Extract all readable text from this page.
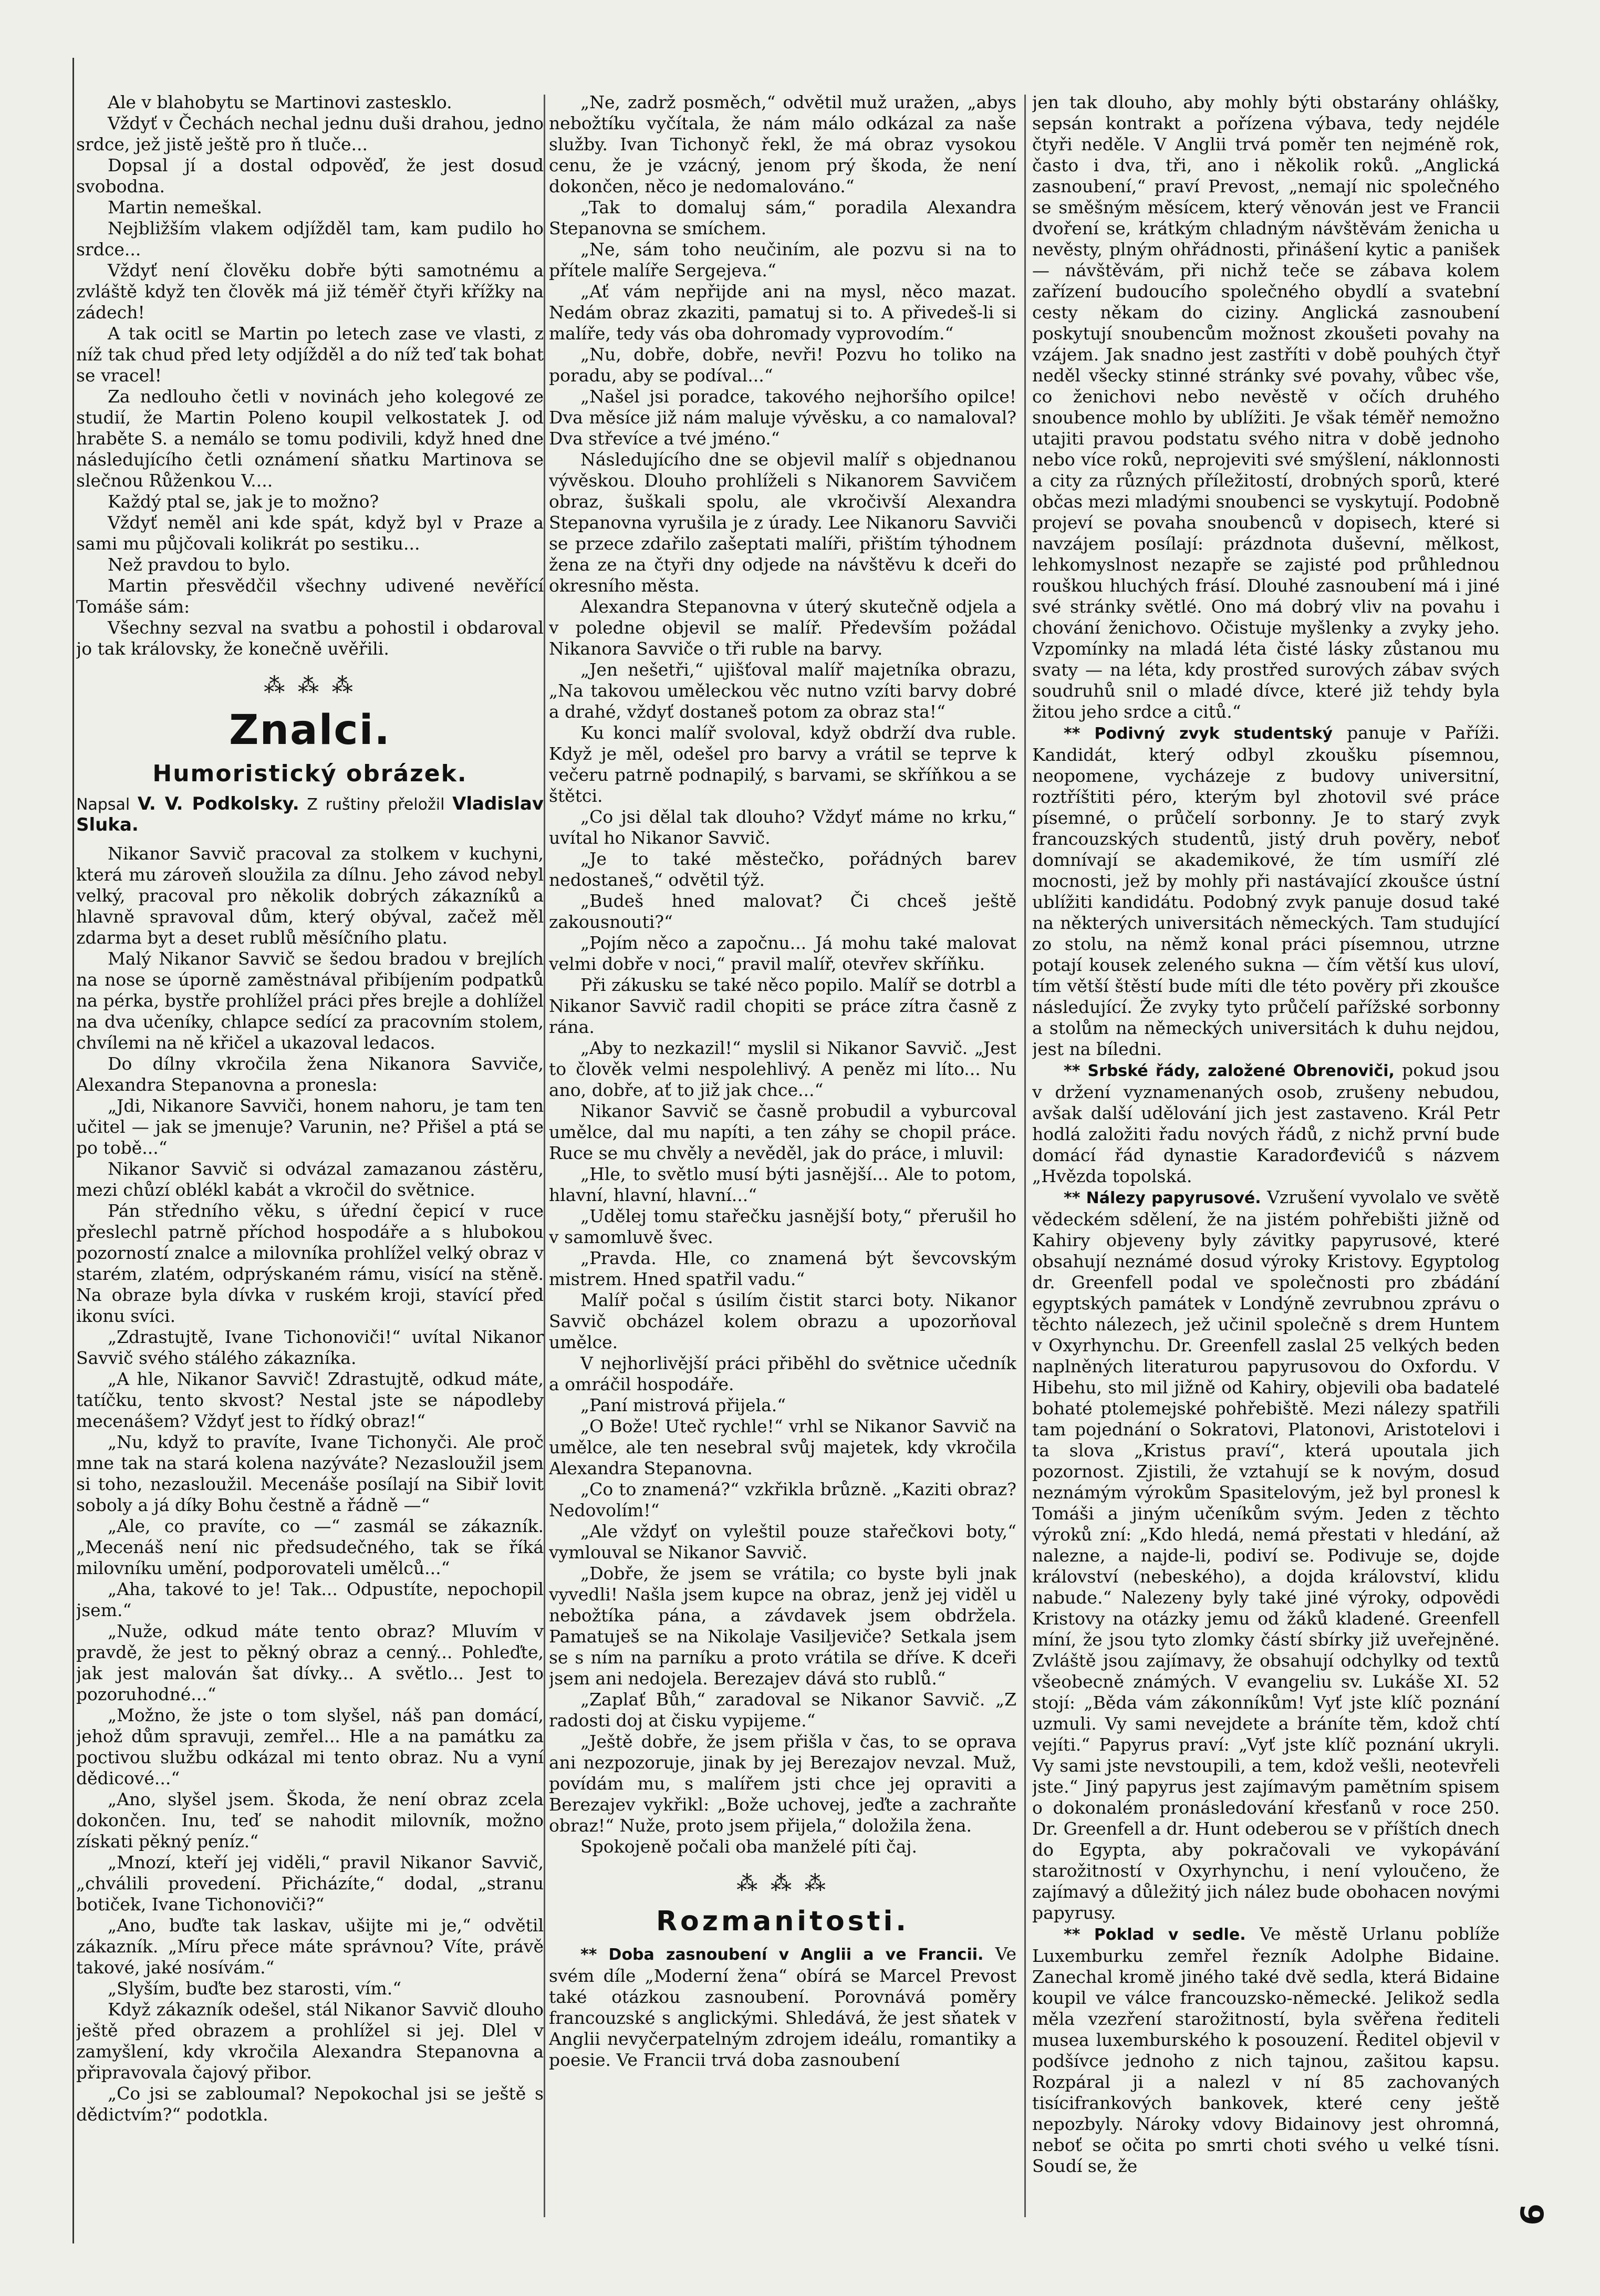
Ale v blahobytu se Martinovi zastesklo.

Vždyť v Čechách nechal jednu duši drahou, jedno srdce, jež jistě ještě pro ň tluče...

Dopsal jí a dostal odpověď, že jest dosud svobodna.

Martin nemeškal.

Nejbližším vlakem odjížděl tam, kam pudilo ho srdce...

Vždyť není člověku dobře býti samotnému a zvláště když ten člověk má již téměř čtyři křížky na zádech!

A tak ocitl se Martin po letech zase ve vlasti, z níž tak chud před lety odjížděl a do níž teď tak bohat se vracel!

Za nedlouho četli v novinách jeho kolegové ze studií, že Martin Poleno koupil velkostatek J. od hraběte S. a nemálo se tomu podivili, když hned dne následujícího četli oznámení sňatku Martinova se slečnou Růženkou V....

Každý ptal se, jak je to možno?

Vždyť neměl ani kde spát, když byl v Praze a sami mu půjčovali kolikrát po sestiku...

Než pravdou to bylo.

Martin přesvědčil všechny udivené nevěřící Tomáše sám:

Všechny sezval na svatbu a pohostil i obdaroval jo tak královsky, že konečně uvěřili.

⁂ ⁂ ⁂
Znalci.
Humoristický obrázek.
Napsal V. V. Podkolsky. Z ruštiny přeložil Vladislav Sluka.

Nikanor Savvič pracoval za stolkem v kuchyni, která mu zároveň sloužila za dílnu. Jeho závod nebyl velký, pracoval pro několik dobrých zákazníků a hlavně spravoval dům, který obýval, začež měl zdarma byt a deset rublů měsíčního platu.

Malý Nikanor Savvič se šedou bradou v brejlích na nose se úporně zaměstnával přibíjením podpatků na pérka, bystře prohlížel práci přes brejle a dohlížel na dva učeníky, chlapce sedící za pracovním stolem, chvílemi na ně křičel a ukazoval ledacos.

Do dílny vkročila žena Nikanora Savviče, Alexandra Stepanovna a pronesla:

„Jdi, Nikanore Savviči, honem nahoru, je tam ten učitel — jak se jmenuje? Varunin, ne? Přišel a ptá se po tobě...“

Nikanor Savvič si odvázal zamazanou zástěru, mezi chůzí oblékl kabát a vkročil do světnice.

Pán středního věku, s úřední čepicí v ruce přeslechl patrně příchod hospodáře a s hlubokou pozorností znalce a milovníka prohlížel velký obraz v starém, zlatém, odprýskaném rámu, visící na stěně. Na obraze byla dívka v ruském kroji, stavící před ikonu svíci.

„Zdrastujtě, Ivane Tichonoviči!“ uvítal Nikanor Savvič svého stálého zákazníka.

„A hle, Nikanor Savvič! Zdrastujtě, odkud máte, tatíčku, tento skvost? Nestal jste se nápodleby mecenášem? Vždyť jest to řídký obraz!“

„Nu, když to pravíte, Ivane Tichonyči. Ale proč mne tak na stará kolena nazýváte? Nezasloužil jsem si toho, nezasloužil. Mecenáše posílají na Sibiř lovit soboly a já díky Bohu čestně a řádně —“

„Ale, co pravíte, co —“ zasmál se zákazník. „Mecenáš není nic předsudečného, tak se říká milovníku umění, podporovateli umělců...“

„Aha, takové to je! Tak... Odpustíte, nepochopil jsem.“

„Nuže, odkud máte tento obraz? Mluvím v pravdě, že jest to pěkný obraz a cenný... Pohleďte, jak jest malován šat dívky... A světlo... Jest to pozoruhodné...“

„Možno, že jste o tom slyšel, náš pan domácí, jehož dům spravuji, zemřel... Hle a na památku za poctivou službu odkázal mi tento obraz. Nu a vyní dědicové...“

„Ano, slyšel jsem. Škoda, že není obraz zcela dokončen. Inu, teď se nahodit milovník, možno získati pěkný peníz.“

„Mnozí, kteří jej viděli,“ pravil Nikanor Savvič, „chválili provedení. Přicházíte,“ dodal, „stranu botiček, Ivane Tichonoviči?“

„Ano, buďte tak laskav, ušijte mi je,“ odvětil zákazník. „Míru přece máte správnou? Víte, právě takové, jaké nosívám.“

„Slyším, buďte bez starosti, vím.“

Když zákazník odešel, stál Nikanor Savvič dlouho ještě před obrazem a prohlížel si jej. Dlel v zamyšlení, kdy vkročila Alexandra Stepanovna a připravovala čajový přibor.

„Co jsi se zabloumal? Nepokochal jsi se ještě s dědictvím?“ podotkla.

„Ne, zadrž posměch,“ odvětil muž uražen, „abys nebožtíku vyčítala, že nám málo odkázal za naše služby. Ivan Tichonyč řekl, že má obraz vysokou cenu, že je vzácný, jenom prý škoda, že není dokončen, něco je nedomalováno.“

„Tak to domaluj sám,“ poradila Alexandra Stepanovna se smíchem.

„Ne, sám toho neučiním, ale pozvu si na to přítele malíře Sergejeva.“

„Ať vám nepřijde ani na mysl, něco mazat. Nedám obraz zkaziti, pamatuj si to. A přivedeš-li si malíře, tedy vás oba dohromady vyprovodím.“

„Nu, dobře, dobře, nevři! Pozvu ho toliko na poradu, aby se podíval...“

„Našel jsi poradce, takového nejhoršího opilce! Dva měsíce již nám maluje vývěsku, a co namaloval? Dva střevíce a tvé jméno.“

Následujícího dne se objevil malíř s objednanou vývěskou. Dlouho prohlíželi s Nikanorem Savvičem obraz, šuškali spolu, ale vkročivší Alexandra Stepanovna vyrušila je z úrady. Lee Nikanoru Savviči se przece zdařilo zašeptati malíři, přištím týhodnem žena ze na čtyři dny odjede na návštěvu k dceři do okresního města.

Alexandra Stepanovna v úterý skutečně odjela a v poledne objevil se malíř. Především požádal Nikanora Savviče o tři ruble na barvy.

„Jen nešetři,“ ujišťoval malíř majetníka obrazu, „Na takovou uměleckou věc nutno vzíti barvy dobré a drahé, vždyť dostaneš potom za obraz sta!“

Ku konci malíř svoloval, když obdrží dva ruble. Když je měl, odešel pro barvy a vrátil se teprve k večeru patrně podnapilý, s barvami, se skříňkou a se štětci.

„Co jsi dělal tak dlouho? Vždyť máme no krku,“ uvítal ho Nikanor Savvič.

„Je to také městečko, pořádných barev nedostaneš,“ odvětil týž.

„Budeš hned malovat? Či chceš ještě zakousnouti?“

„Pojím něco a započnu... Já mohu také malovat velmi dobře v noci,“ pravil malíř, otevřev skříňku.

Při zákusku se také něco popilo. Malíř se dotrbl a Nikanor Savvič radil chopiti se práce zítra časně z rána.

„Aby to nezkazil!“ myslil si Nikanor Savvič. „Jest to člověk velmi nespolehlivý. A peněz mi líto... Nu ano, dobře, ať to již jak chce...“

Nikanor Savvič se časně probudil a vyburcoval umělce, dal mu napíti, a ten záhy se chopil práce. Ruce se mu chvěly a nevěděl, jak do práce, i mluvil:

„Hle, to světlo musí býti jasnější... Ale to potom, hlavní, hlavní, hlavní...“

„Udělej tomu stařečku jasnější boty,“ přerušil ho v samomluvě švec.

„Pravda. Hle, co znamená být ševcovským mistrem. Hned spatřil vadu.“

Malíř počal s úsilím čistit starci boty. Nikanor Savvič obcházel kolem obrazu a upozorňoval umělce.

V nejhorlivější práci přiběhl do světnice učedník a omráčil hospodáře.

„Paní mistrová přijela.“

„O Bože! Uteč rychle!“ vrhl se Nikanor Savvič na umělce, ale ten nesebral svůj majetek, kdy vkročila Alexandra Stepanovna.

„Co to znamená?“ vzkřikla brůzně. „Kaziti obraz? Nedovolím!“

„Ale vždyť on vyleštil pouze stařečkovi boty,“ vymlouval se Nikanor Savvič.

„Dobře, že jsem se vrátila; co byste byli jnak vyvedli! Našla jsem kupce na obraz, jenž jej viděl u nebožtíka pána, a závdavek jsem obdržela. Pamatuješ se na Nikolaje Vasiljeviče? Setkala jsem se s ním na parníku a proto vrátila se dříve. K dceři jsem ani nedojela. Berezajev dává sto rublů.“

„Zaplať Bůh,“ zaradoval se Nikanor Savvič. „Z radosti doj at čisku vypijeme.“

„Ještě dobře, že jsem přišla v čas, to se oprava ani nezpozoruje, jinak by jej Berezajov nevzal. Muž, povídám mu, s malířem jsti chce jej opraviti a Berezajev vykřikl: „Bože uchovej, jeďte a zachraňte obraz!“ Nuže, proto jsem přijela,“ doložila žena.

Spokojeně počali oba manželé píti čaj.

⁂ ⁂ ⁂
Rozmanitosti.

** Doba zasnoubení v Anglii a ve Francii. Ve svém díle „Moderní žena“ obírá se Marcel Prevost také otázkou zasnoubení. Porovnává poměry francouzské s anglickými. Shledává, že jest sňatek v Anglii nevyčerpatelným zdrojem ideálu, romantiky a poesie. Ve Francii trvá doba zasnoubení

jen tak dlouho, aby mohly býti obstarány ohlášky, sepsán kontrakt a pořízena výbava, tedy nejdéle čtyři neděle. V Anglii trvá poměr ten nejméně rok, často i dva, tři, ano i několik roků. „Anglická zasnoubení,“ praví Prevost, „nemají nic společného se směšným měsícem, který věnován jest ve Francii dvoření se, krátkým chladným návštěvám ženicha u nevěsty, plným ohřádnosti, přinášení kytic a panišek — návštěvám, při nichž teče se zábava kolem zařízení budoucího společného obydlí a svatební cesty někam do ciziny. Anglická zasnoubení poskytují snoubencům možnost zkoušeti povahy na vzájem. Jak snadno jest zastříti v době pouhých čtyř neděl všecky stinné stránky své povahy, vůbec vše, co ženichovi nebo nevěstě v očích druhého snoubence mohlo by ublížiti. Je však téměř nemožno utajiti pravou podstatu svého nitra v době jednoho nebo více roků, neprojeviti své smýšlení, náklonnosti a city za různých příležitostí, drobných sporů, které občas mezi mladými snoubenci se vyskytují. Podobně projeví se povaha snoubenců v dopisech, které si navzájem posílají: prázdnota duševní, mělkost, lehkomyslnost nezapře se zajisté pod průhlednou rouškou hluchých frásí. Dlouhé zasnoubení má i jiné své stránky světlé. Ono má dobrý vliv na povahu i chování ženichovo. Očistuje myšlenky a zvyky jeho. Vzpomínky na mladá léta čisté lásky zůstanou mu svaty — na léta, kdy prostřed surových zábav svých soudruhů snil o mladé dívce, které již tehdy byla žitou jeho srdce a citů.“

** Podivný zvyk studentský panuje v Paříži. Kandidát, který odbyl zkoušku písemnou, neopomene, vycházeje z budovy universitní, roztříštiti péro, kterým byl zhotovil své práce písemné, o průčelí sorbonny. Je to starý zvyk francouzských studentů, jistý druh pověry, neboť domnívají se akademikové, že tím usmíří zlé mocnosti, jež by mohly při nastávající zkoušce ústní ublížiti kandidátu. Podobný zvyk panuje dosud také na některých universitách německých. Tam studující zo stolu, na němž konal práci písemnou, utrzne potají kousek zeleného sukna — čím větší kus uloví, tím větší štěstí bude míti dle této pověry při zkoušce následující. Že zvyky tyto průčelí pařížské sorbonny a stolům na německých universitách k duhu nejdou, jest na bíledni.

** Srbské řády, založené Obrenoviči, pokud jsou v držení vyznamenaných osob, zrušeny nebudou, avšak další udělování jich jest zastaveno. Král Petr hodlá založiti řadu nových řádů, z nichž první bude domácí řád dynastie Karadorđevićů s názvem „Hvězda topolská.

** Nálezy papyrusové. Vzrušení vyvolalo ve světě vědeckém sdělení, že na jistém pohřebišti jižně od Kahiry objeveny byly závitky papyrusové, které obsahují neznámé dosud výroky Kristovy. Egyptolog dr. Greenfell podal ve společnosti pro zbádání egyptských památek v Londýně zevrubnou zprávu o těchto nálezech, jež učinil společně s drem Huntem v Oxyrhynchu. Dr. Greenfell zaslal 25 velkých beden naplněných literaturou papyrusovou do Oxfordu. V Hibehu, sto mil jižně od Kahiry, objevili oba badatelé bohaté ptolemejské pohřebiště. Mezi nálezy spatřili tam pojednání o Sokratovi, Platonovi, Aristotelovi i ta slova „Kristus praví“, která upoutala jich pozornost. Zjistili, že vztahují se k novým, dosud neznámým výrokům Spasitelovým, jež byl pronesl k Tomáši a jiným učeníkům svým. Jeden z těchto výroků zní: „Kdo hledá, nemá přestati v hledání, až nalezne, a najde-li, podiví se. Podivuje se, dojde království (nebeského), a dojda království, klidu nabude.“ Nalezeny byly také jiné výroky, odpovědi Kristovy na otázky jemu od žáků kladené. Greenfell míní, že jsou tyto zlomky částí sbírky již uveřejněné. Zvláště jsou zajímavy, že obsahují odchylky od textů všeobecně známých. V evangeliu sv. Lukáše XI. 52 stojí: „Běda vám zákonníkům! Vyť jste klíč poznání uzmuli. Vy sami nevejdete a bráníte těm, kdož chtí vejíti.“ Papyrus praví: „Vyť jste klíč poznání ukryli. Vy sami jste nevstoupili, a tem, kdož vešli, neotevřeli jste.“ Jiný papyrus jest zajímavým pamětním spisem o dokonalém pronásledování křesťanů v roce 250. Dr. Greenfell a dr. Hunt odeberou se v příštích dnech do Egypta, aby pokračovali ve vykopávání starožitností v Oxyrhynchu, i není vyloučeno, že zajímavý a důležitý jich nález bude obohacen novými papyrusy.

** Poklad v sedle. Ve městě Urlanu poblíže Luxemburku zemřel řezník Adolphe Bidaine. Zanechal kromě jiného také dvě sedla, která Bidaine koupil ve válce francouzsko-německé. Jelikož sedla měla vzezření starožitností, byla svěřena řediteli musea luxemburského k posouzení. Ředitel objevil v podšívce jednoho z nich tajnou, zašitou kapsu. Rozpáral ji a nalezl v ní 85 zachovaných tisícifrankových bankovek, které ceny ještě nepozbyly. Nároky vdovy Bidainovy jest ohromná, neboť se očita po smrti choti svého u velké tísni. Soudí se, že

9
